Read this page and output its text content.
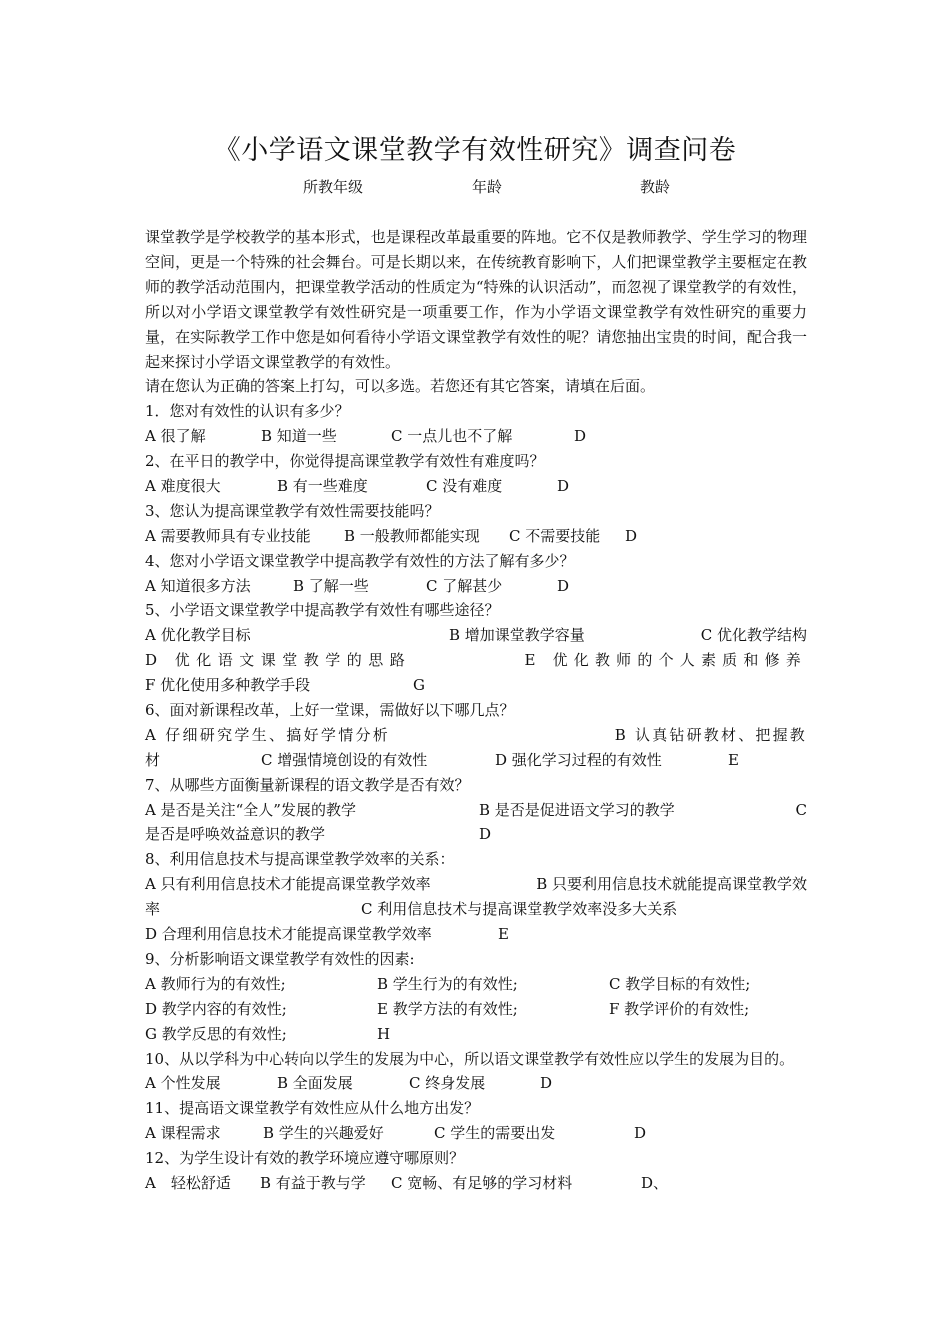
《小学语文课堂教学有效性研究》调查问卷
所教年级	年龄	教龄

课堂教学是学校教学的基本形式，也是课程改革最重要的阵地。它不仅是教师教学、学生学习的物理空间，更是一个特殊的社会舞台。可是长期以来，在传统教育影响下，人们把课堂教学主要框定在教师的教学活动范围内，把课堂教学活动的性质定为“特殊的认识活动”，而忽视了课堂教学的有效性，所以对小学语文课堂教学有效性研究是一项重要工作，作为小学语文课堂教学有效性研究的重要力量，在实际教学工作中您是如何看待小学语文课堂教学有效性的呢？请您抽出宝贵的时间，配合我一起来探讨小学语文课堂教学的有效性。

请在您认为正确的答案上打勾，可以多选。若您还有其它答案，请填在后面。

1．您对有效性的认识有多少？
A 很了解	B 知道一些	C 一点儿也不了解	D
2、在平日的教学中，你觉得提高课堂教学有效性有难度吗？
A 难度很大	B 有一些难度	C 没有难度	D
3、您认为提高课堂教学有效性需要技能吗？
A 需要教师具有专业技能 B 一般教师都能实现 C 不需要技能 D
4、您对小学语文课堂教学中提高教学有效性的方法了解有多少？
A 知道很多方法	B 了解一些	C 了解甚少	D
5、小学语文课堂教学中提高教学有效性有哪些途径？
A 优化教学目标	B 增加课堂教学容量	C 优化教学结构
D 优化语文课堂教学的思路	E 优化教师的个人素质和修养
F 优化使用多种教学手段	G
6、面对新课程改革，上好一堂课，需做好以下哪几点？
A 仔细研究学生、搞好学情分析	B 认真钻研教材、把握教
材	C 增强情境创设的有效性	D 强化学习过程的有效性	E
7、从哪些方面衡量新课程的语文教学是否有效？
A 是否是关注“全人”发展的教学	B 是否是促进语文学习的教学	C
是否是呼唤效益意识的教学	D
8、利用信息技术与提高课堂教学效率的关系：
A 只有利用信息技术才能提高课堂教学效率	B 只要利用信息技术就能提高课堂教学效
率	C 利用信息技术与提高课堂教学效率没多大关系
D 合理利用信息技术才能提高课堂教学效率	E
9、分析影响语文课堂教学有效性的因素:
A 教师行为的有效性;	B 学生行为的有效性;	C 教学目标的有效性;
D 教学内容的有效性;	E 教学方法的有效性;	F 教学评价的有效性;
G 教学反思的有效性;	H

10、从以学科为中心转向以学生的发展为中心，所以语文课堂教学有效性应以学生的发展为目的。

A 个性发展	B 全面发展	C 终身发展	D
11、提高语文课堂教学有效性应从什么地方出发？
A 课程需求	B 学生的兴趣爱好	C 学生的需要出发	D
12、为学生设计有效的教学环境应遵守哪原则？
A　轻松舒适 B 有益于教与学 C 宽畅、有足够的学习材料	D、
